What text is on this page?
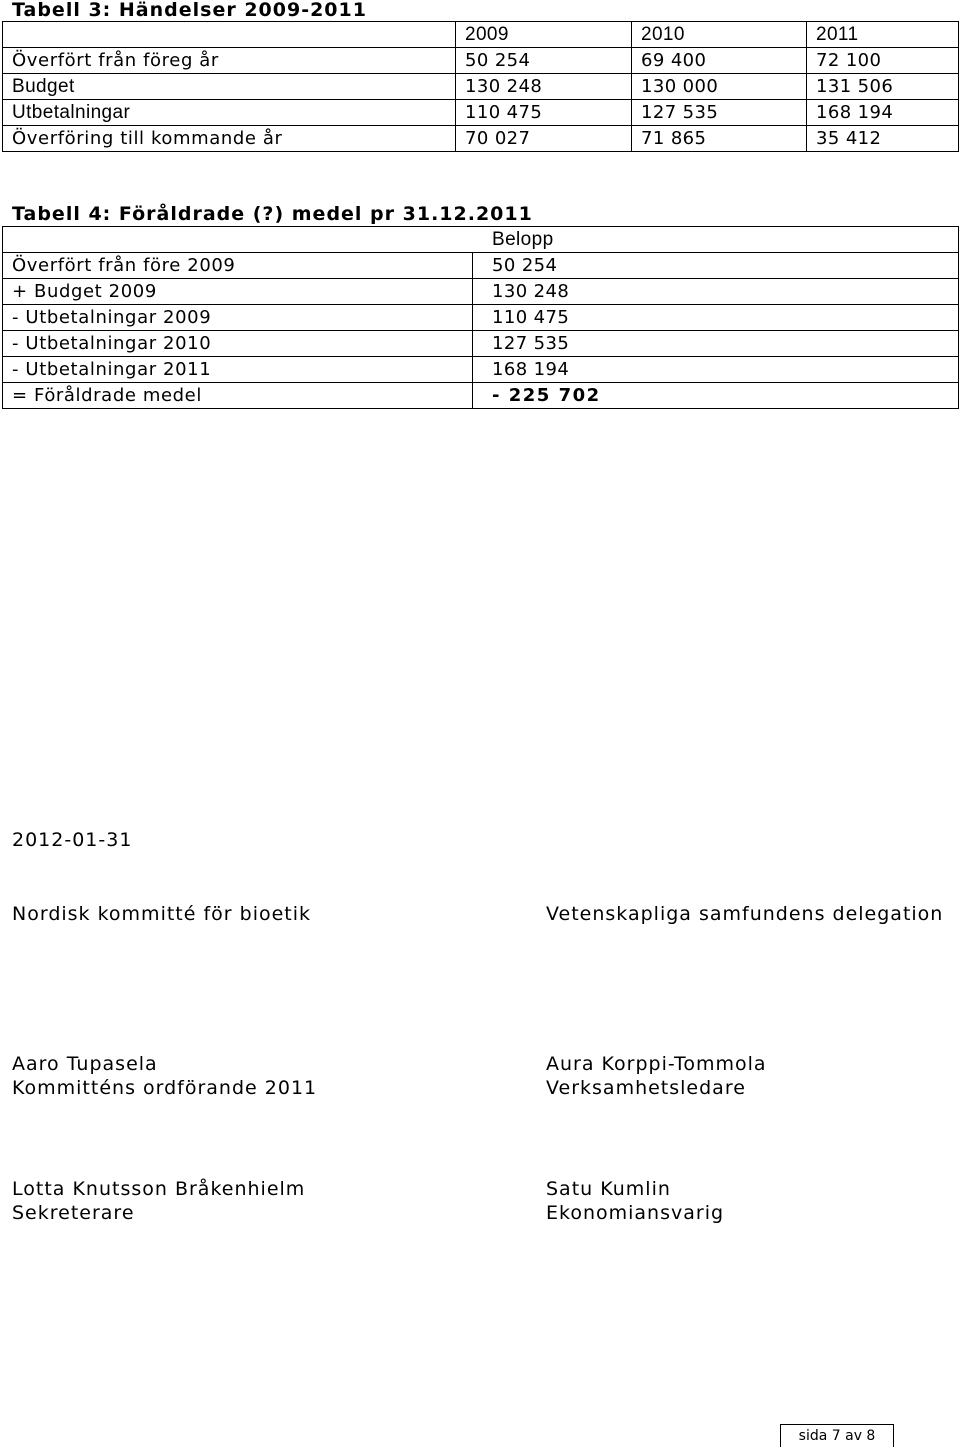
Tabell 3: Händelser 2009-2011
	2009	2010	2011
Överfört från föreg år	50 254	69 400	72 100
Budget	130 248	130 000	131 506
Utbetalningar	110 475	127 535	168 194
Överföring till kommande år	70 027	71 865	35 412
Tabell 4: Föråldrade (?) medel pr 31.12.2011
Belopp	
Överfört från före 2009	50 254
+ Budget 2009	130 248
- Utbetalningar 2009	110 475
- Utbetalningar 2010	127 535
- Utbetalningar 2011	168 194
= Föråldrade medel	- 225 702
2012-01-31
Nordisk kommitté för bioetik	Vetenskapliga samfundens delegation
Aaro Tupasela
Kommitténs ordförande 2011
Aura Korppi-Tommola
Verksamhetsledare
Lotta Knutsson Bråkenhielm
Sekreterare
Satu Kumlin
Ekonomiansvarig
sida 7 av 8
